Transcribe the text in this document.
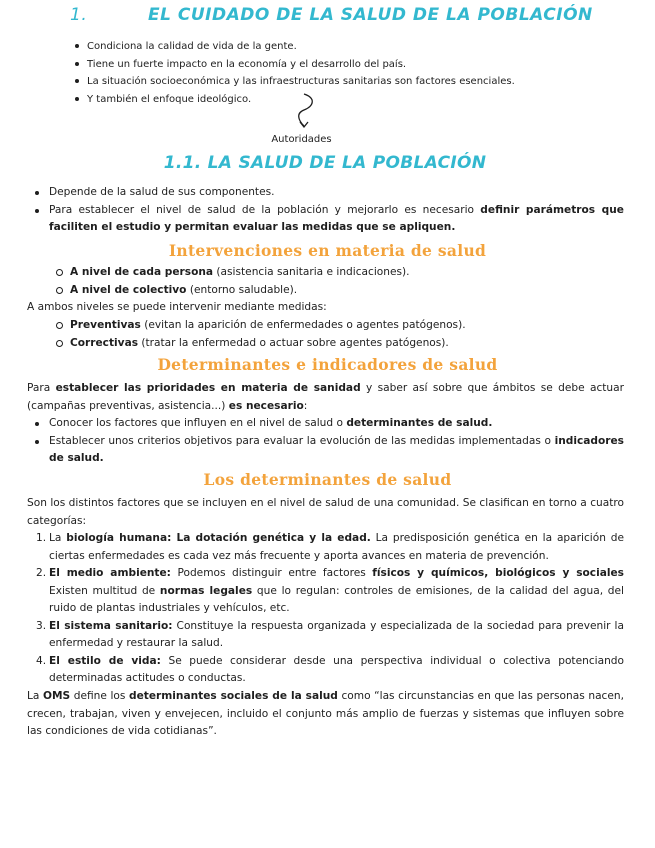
1.	EL CUIDADO DE LA SALUD DE LA POBLACIÓN
Condiciona la calidad de vida de la gente.
Tiene un fuerte impacto en la economía y el desarrollo del país.
La situación socioeconómica y las infraestructuras sanitarias son factores esenciales.
Y también el enfoque ideológico.
Autoridades
1.1. LA SALUD DE LA POBLACIÓN
Depende de la salud de sus componentes.
Para establecer el nivel de salud de la población y mejorarlo es necesario definir parámetros que faciliten el estudio y permitan evaluar las medidas que se apliquen.
Intervenciones en materia de salud
A nivel de cada persona (asistencia sanitaria e indicaciones).
A nivel de colectivo (entorno saludable).
A ambos niveles se puede intervenir mediante medidas:
Preventivas (evitan la aparición de enfermedades o agentes patógenos).
Correctivas (tratar la enfermedad o actuar sobre agentes patógenos).
Determinantes e indicadores de salud

Para establecer las prioridades en materia de sanidad y saber así sobre que ámbitos se debe actuar (campañas preventivas, asistencia...) es necesario:

Conocer los factores que influyen en el nivel de salud o determinantes de salud.
Establecer unos criterios objetivos para evaluar la evolución de las medidas implementadas o indicadores de salud.
Los determinantes de salud

Son los distintos factores que se incluyen en el nivel de salud de una comunidad. Se clasifican en torno a cuatro categorías:

1. La biología humana: La dotación genética y la edad. La predisposición genética en la aparición de ciertas enfermedades es cada vez más frecuente y aporta avances en materia de prevención.
2. El medio ambiente: Podemos distinguir entre factores físicos y químicos, biológicos y sociales Existen multitud de normas legales que lo regulan: controles de emisiones, de la calidad del agua, del ruido de plantas industriales y vehículos, etc.
3. El sistema sanitario: Constituye la respuesta organizada y especializada de la sociedad para prevenir la enfermedad y restaurar la salud.
4. El estilo de vida: Se puede considerar desde una perspectiva individual o colectiva potenciando determinadas actitudes o conductas.

La OMS define los determinantes sociales de la salud como “las circunstancias en que las personas nacen, crecen, trabajan, viven y envejecen, incluido el conjunto más amplio de fuerzas y sistemas que influyen sobre las condiciones de vida cotidianas”.
